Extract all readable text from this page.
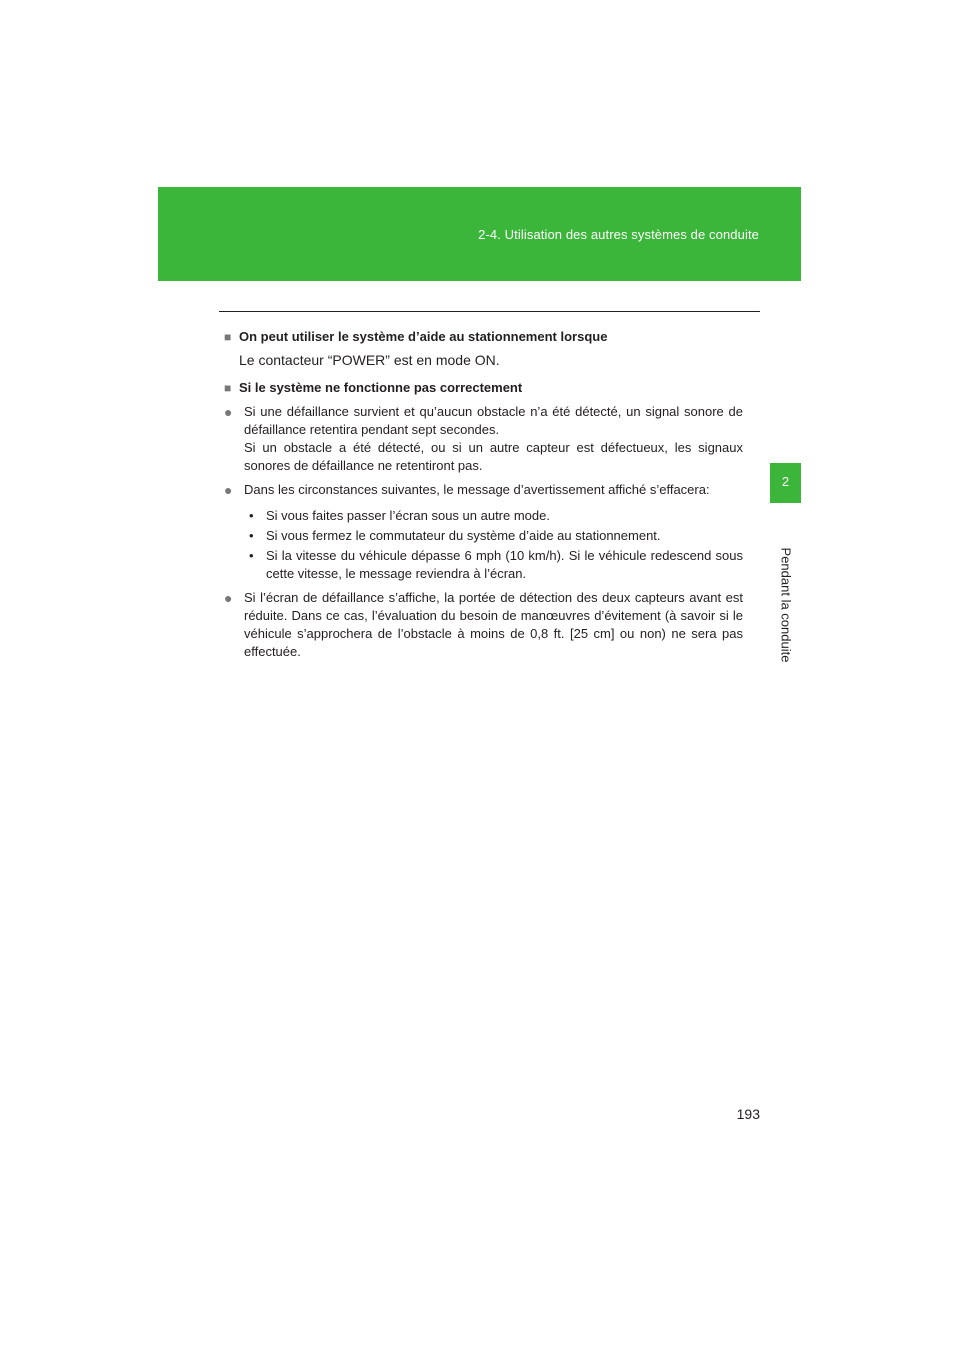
2-4. Utilisation des autres systèmes de conduite
2
Pendant la conduite
■ On peut utiliser le système d’aide au stationnement lorsque

Le contacteur “POWER” est en mode ON.

■ Si le système ne fonctionne pas correctement
● Si une défaillance survient et qu’aucun obstacle n’a été détecté, un signal sonore de défaillance retentira pendant sept secondes.

Si un obstacle a été détecté, ou si un autre capteur est défectueux, les signaux sonores de défaillance ne retentiront pas.

● Dans les circonstances suivantes, le message d’avertissement affiché s’effacera:

• Si vous faites passer l’écran sous un autre mode.
• Si vous fermez le commutateur du système d’aide au stationnement.
• Si la vitesse du véhicule dépasse 6 mph (10 km/h). Si le véhicule redescend sous cette vitesse, le message reviendra à l’écran.
● Si l’écran de défaillance s’affiche, la portée de détection des deux capteurs avant est réduite. Dans ce cas, l’évaluation du besoin de manœuvres d’évitement (à savoir si le véhicule s’approchera de l’obstacle à moins de 0,8 ft. [25 cm] ou non) ne sera pas effectuée.

193
